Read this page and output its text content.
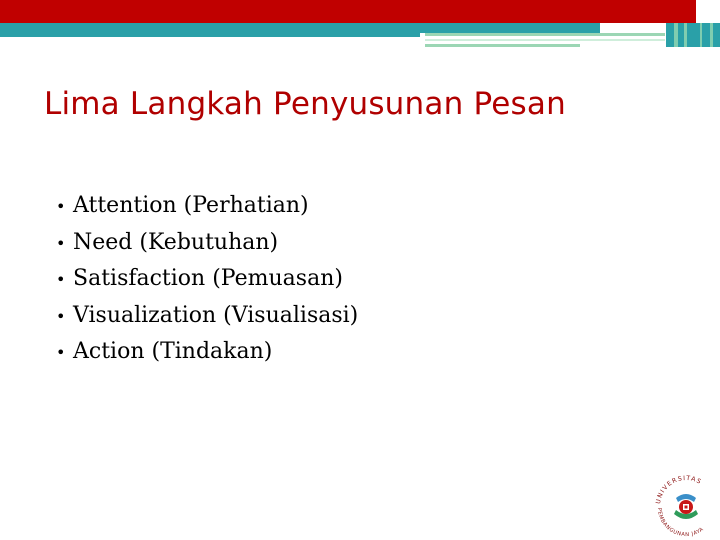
Lima Langkah Penyusunan Pesan
• Attention (Perhatian)
• Need (Kebutuhan)
• Satisfaction (Pemuasan)
• Visualization (Visualisasi)
• Action (Tindakan)
UNIVERSITAS
PEMBANGUNAN JAYA
